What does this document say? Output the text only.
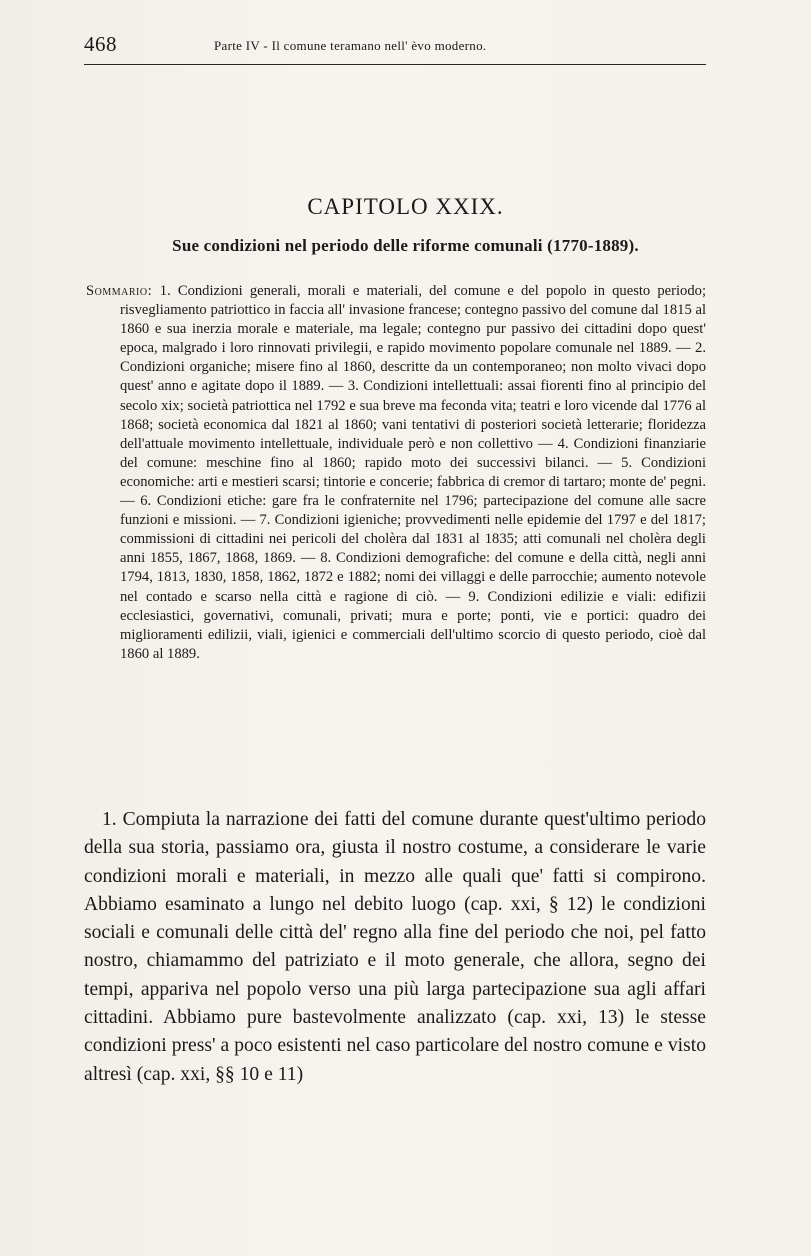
468	Parte IV - Il comune teramano nell' èvo moderno.
CAPITOLO XXIX.
Sue condizioni nel periodo delle riforme comunali (1770-1889).
Sommario: 1. Condizioni generali, morali e materiali, del comune e del popolo in questo periodo; risvegliamento patriottico in faccia all' invasione francese; contegno passivo del comune dal 1815 al 1860 e sua inerzia morale e materiale, ma legale; contegno pur passivo dei cittadini dopo quest' epoca, malgrado i loro rinnovati privilegii, e rapido movimento popolare comunale nel 1889. — 2. Condizioni organiche; misere fino al 1860, descritte da un contemporaneo; non molto vivaci dopo quest' anno e agitate dopo il 1889. — 3. Condizioni intellettuali: assai fiorenti fino al principio del secolo xix; società patriottica nel 1792 e sua breve ma feconda vita; teatri e loro vicende dal 1776 al 1868; società economica dal 1821 al 1860; vani tentativi di posteriori società letterarie; floridezza dell'attuale movimento intellettuale, individuale però e non collettivo — 4. Condizioni finanziarie del comune: meschine fino al 1860; rapido moto dei successivi bilanci. — 5. Condizioni economiche: arti e mestieri scarsi; tintorie e concerie; fabbrica di cremor di tartaro; monte de' pegni. — 6. Condizioni etiche: gare fra le confraternite nel 1796; partecipazione del comune alle sacre funzioni e missioni. — 7. Condizioni igieniche; provvedimenti nelle epidemie del 1797 e del 1817; commissioni di cittadini nei pericoli del cholèra dal 1831 al 1835; atti comunali nel cholèra degli anni 1855, 1867, 1868, 1869. — 8. Condizioni demografiche: del comune e della città, negli anni 1794, 1813, 1830, 1858, 1862, 1872 e 1882; nomi dei villaggi e delle parrocchie; aumento notevole nel contado e scarso nella città e ragione di ciò. — 9. Condizioni edilizie e viali: edifizii ecclesiastici, governativi, comunali, privati; mura e porte; ponti, vie e portici: quadro dei miglioramenti edilizii, viali, igienici e commerciali dell'ultimo scorcio di questo periodo, cioè dal 1860 al 1889.
1. Compiuta la narrazione dei fatti del comune durante quest'ultimo periodo della sua storia, passiamo ora, giusta il nostro costume, a considerare le varie condizioni morali e materiali, in mezzo alle quali que' fatti si compirono. Abbiamo esaminato a lungo nel debito luogo (cap. xxi, § 12) le condizioni sociali e comunali delle città del' regno alla fine del periodo che noi, pel fatto nostro, chiamammo del patriziato e il moto generale, che allora, segno dei tempi, appariva nel popolo verso una più larga partecipazione sua agli affari cittadini. Abbiamo pure bastevolmente analizzato (cap. xxi, 13) le stesse condizioni press' a poco esistenti nel caso particolare del nostro comune e visto altresì (cap. xxi, §§ 10 e 11)
